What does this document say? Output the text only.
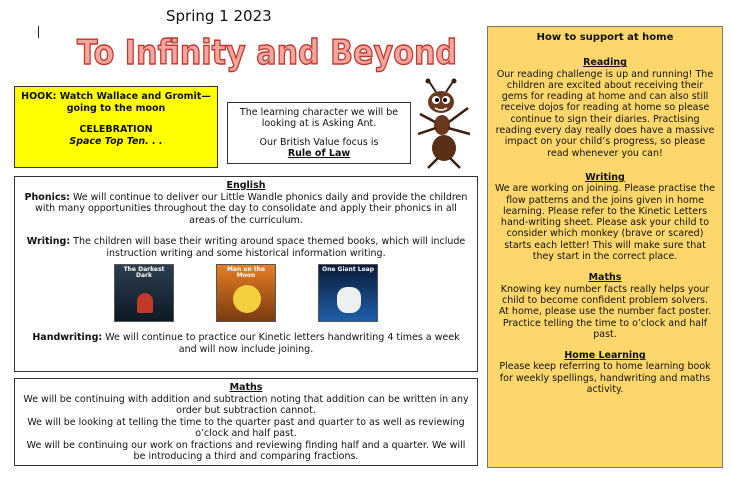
Spring 1 2023
To Infinity and Beyond
HOOK: Watch Wallace and Gromit— going to the moon
CELEBRATION
Space Top Ten. . .
The learning character we will be looking at is Asking Ant.
Our British Value focus is
Rule of Law
English
Phonics: We will continue to deliver our Little Wandle phonics daily and provide the children with many opportunities throughout the day to consolidate and apply their phonics in all areas of the curriculum.
Writing: The children will base their writing around space themed books, which will include instruction writing and some historical information writing.
The Darkest Dark
Man on the Moon
One Giant Leap
Handwriting: We will continue to practice our Kinetic letters handwriting 4 times a week and will now include joining.
Maths
We will be continuing with addition and subtraction noting that addition can be written in any order but subtraction cannot.
We will be looking at telling the time to the quarter past and quarter to as well as reviewing o’clock and half past.
We will be continuing our work on fractions and reviewing finding half and a quarter. We will be introducing a third and comparing fractions.
How to support at home
Reading
Our reading challenge is up and running! The children are excited about receiving their gems for reading at home and can also still receive dojos for reading at home so please continue to sign their diaries. Practising reading every day really does have a massive impact on your child’s progress, so please read whenever you can!
Writing
We are working on joining. Please practise the flow patterns and the joins given in home learning. Please refer to the Kinetic Letters hand-writing sheet. Please ask your child to consider which monkey (brave or scared) starts each letter! This will make sure that they start in the correct place.
Maths
Knowing key number facts really helps your child to become confident problem solvers.
At home, please use the number fact poster.
Practice telling the time to o’clock and half past.
Home Learning
Please keep referring to home learning book for weekly spellings, handwriting and maths activity.
